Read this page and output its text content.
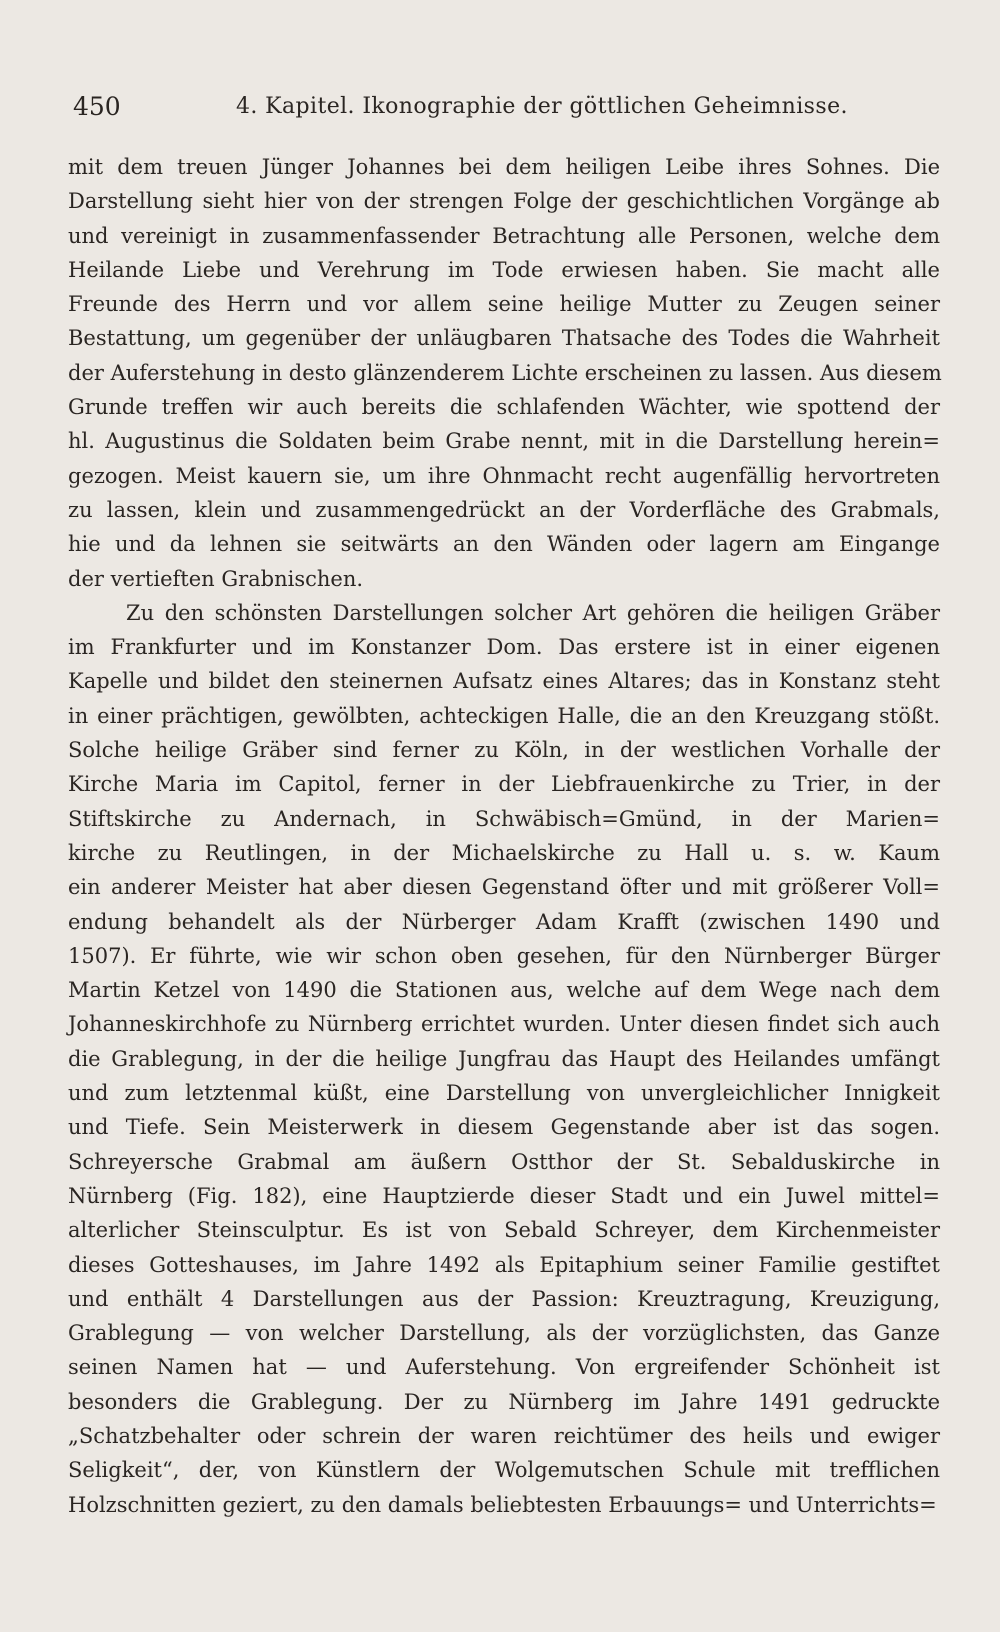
450	4. Kapitel. Ikonographie der göttlichen Geheimnisse.
mit dem treuen Jünger Johannes bei dem heiligen Leibe ihres Sohnes. Die
Darstellung sieht hier von der strengen Folge der geschichtlichen Vorgänge ab
und vereinigt in zusammenfassender Betrachtung alle Personen, welche dem
Heilande Liebe und Verehrung im Tode erwiesen haben. Sie macht alle
Freunde des Herrn und vor allem seine heilige Mutter zu Zeugen seiner
Bestattung, um gegenüber der unläugbaren Thatsache des Todes die Wahrheit
der Auferstehung in desto glänzenderem Lichte erscheinen zu lassen. Aus diesem
Grunde treffen wir auch bereits die schlafenden Wächter, wie spottend der
hl. Augustinus die Soldaten beim Grabe nennt, mit in die Darstellung herein=
gezogen. Meist kauern sie, um ihre Ohnmacht recht augenfällig hervortreten
zu lassen, klein und zusammengedrückt an der Vorderfläche des Grabmals,
hie und da lehnen sie seitwärts an den Wänden oder lagern am Eingange
der vertieften Grabnischen.
Zu den schönsten Darstellungen solcher Art gehören die heiligen Gräber
im Frankfurter und im Konstanzer Dom. Das erstere ist in einer eigenen
Kapelle und bildet den steinernen Aufsatz eines Altares; das in Konstanz steht
in einer prächtigen, gewölbten, achteckigen Halle, die an den Kreuzgang stößt.
Solche heilige Gräber sind ferner zu Köln, in der westlichen Vorhalle der
Kirche Maria im Capitol, ferner in der Liebfrauenkirche zu Trier, in der
Stiftskirche zu Andernach, in Schwäbisch=Gmünd, in der Marien=
kirche zu Reutlingen, in der Michaelskirche zu Hall u. s. w. Kaum
ein anderer Meister hat aber diesen Gegenstand öfter und mit größerer Voll=
endung behandelt als der Nürberger Adam Krafft (zwischen 1490 und
1507). Er führte, wie wir schon oben gesehen, für den Nürnberger Bürger
Martin Ketzel von 1490 die Stationen aus, welche auf dem Wege nach dem
Johanneskirchhofe zu Nürnberg errichtet wurden. Unter diesen findet sich auch
die Grablegung, in der die heilige Jungfrau das Haupt des Heilandes umfängt
und zum letztenmal küßt, eine Darstellung von unvergleichlicher Innigkeit
und Tiefe. Sein Meisterwerk in diesem Gegenstande aber ist das sogen.
Schreyersche Grabmal am äußern Ostthor der St. Sebalduskirche in
Nürnberg (Fig. 182), eine Hauptzierde dieser Stadt und ein Juwel mittel=
alterlicher Steinsculptur. Es ist von Sebald Schreyer, dem Kirchenmeister
dieses Gotteshauses, im Jahre 1492 als Epitaphium seiner Familie gestiftet
und enthält 4 Darstellungen aus der Passion: Kreuztragung, Kreuzigung,
Grablegung — von welcher Darstellung, als der vorzüglichsten, das Ganze
seinen Namen hat — und Auferstehung. Von ergreifender Schönheit ist
besonders die Grablegung. Der zu Nürnberg im Jahre 1491 gedruckte
„Schatzbehalter oder schrein der waren reichtümer des heils und ewiger
Seligkeit“, der, von Künstlern der Wolgemutschen Schule mit trefflichen
Holzschnitten geziert, zu den damals beliebtesten Erbauungs= und Unterrichts=
